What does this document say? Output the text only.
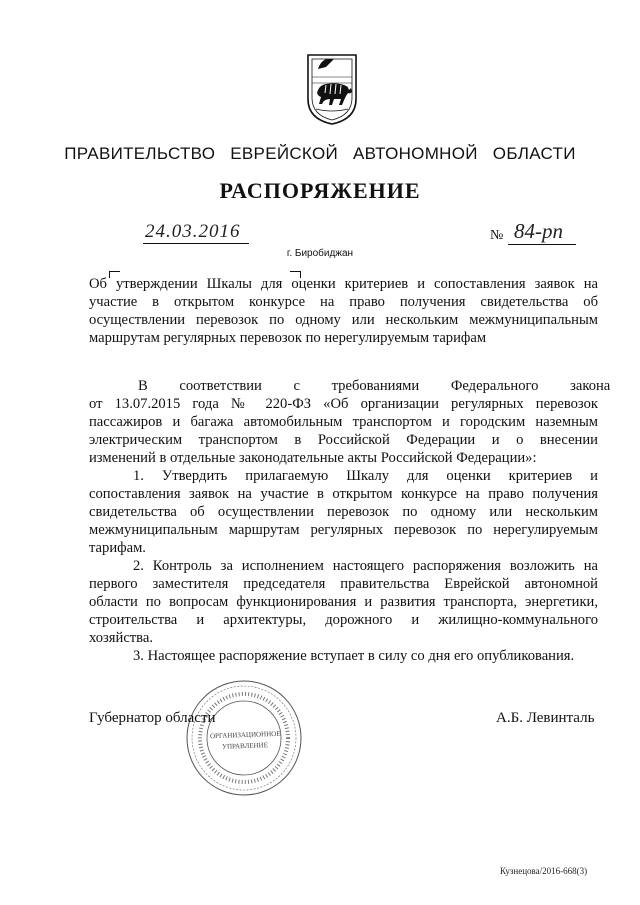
ПРАВИТЕЛЬСТВО ЕВРЕЙСКОЙ АВТОНОМНОЙ ОБЛАСТИ
РАСПОРЯЖЕНИЕ
24.03.2016	№ 84-рп
г. Биробиджан
Об утверждении Шкалы для оценки критериев и сопоставления заявок на
участие в открытом конкурсе на право получения свидетельства об
осуществлении перевозок по одному или нескольким межмуниципальным
маршрутам регулярных перевозок по нерегулируемым тарифам
В соответствии с требованиями Федерального закона
от 13.07.2015 года № 220-ФЗ «Об организации регулярных перевозок
пассажиров и багажа автомобильным транспортом и городским наземным
электрическим транспортом в Российской Федерации и о внесении
изменений в отдельные законодательные акты Российской Федерации»:
1. Утвердить прилагаемую Шкалу для оценки критериев и
сопоставления заявок на участие в открытом конкурсе на право получения
свидетельства об осуществлении перевозок по одному или нескольким
межмуниципальным маршрутам регулярных перевозок по нерегулируемым
тарифам.
2. Контроль за исполнением настоящего распоряжения возложить на
первого заместителя председателя правительства Еврейской автономной
области по вопросам функционирования и развития транспорта, энергетики,
строительства и архитектуры, дорожного и жилищно-коммунального
хозяйства.
3. Настоящее распоряжение вступает в силу со дня его опубликования.
ОРГАНИЗАЦИОННОЕ
УПРАВЛЕНИЕ
Губернатор области	А.Б. Левинталь
Кузнецова/2016-668(3)
